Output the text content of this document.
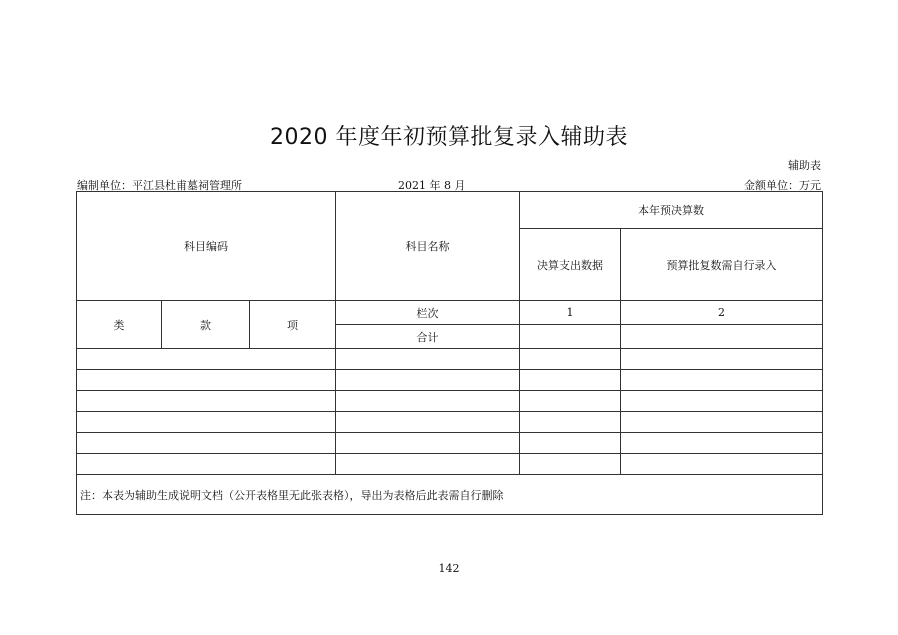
2020 年度年初预算批复录入辅助表
辅助表
编制单位：平江县杜甫墓祠管理所	2021 年 8 月	金额单位：万元
科目编码			科目名称	本年预决算数	
				决算支出数据	预算批复数需自行录入
类	款	项	栏次	1	2
			合计		

注：本表为辅助生成说明文档（公开表格里无此张表格），导出为表格后此表需自行删除					
142
